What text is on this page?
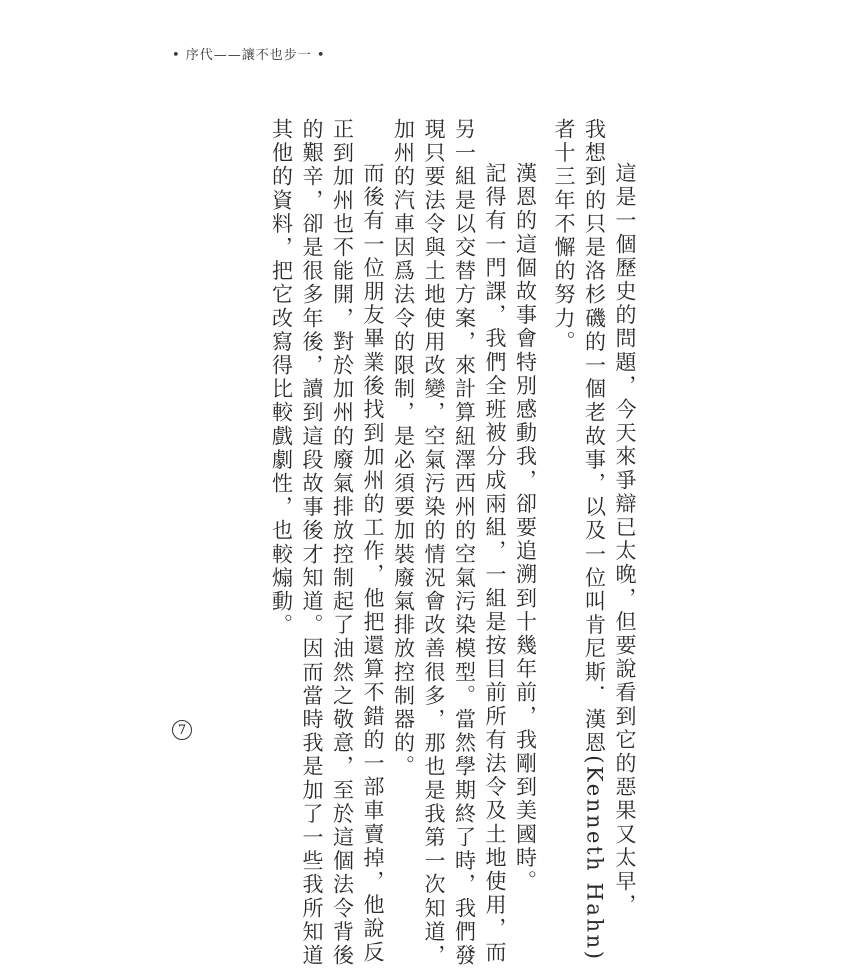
• 序代——讓不也步一 •
這是一個歷史的問題，今天來爭辯已太晚，但要說看到它的惡果又太早，
我想到的只是洛杉磯的一個老故事，以及一位叫肯尼斯．漢恩(Kenneth Hahn)
者十三年不懈的努力。
漢恩的這個故事會特別感動我，卻要追溯到十幾年前，我剛到美國時。
記得有一門課，我們全班被分成兩組，一組是按目前所有法令及土地使用，而
另一組是以交替方案，來計算紐澤西州的空氣污染模型。當然學期終了時，我們發
現只要法令與土地使用改變，空氣污染的情況會改善很多，那也是我第一次知道，
加州的汽車因爲法令的限制，是必須要加裝廢氣排放控制器的。
而後有一位朋友畢業後找到加州的工作，他把還算不錯的一部車賣掉，他說反
正到加州也不能開，對於加州的廢氣排放控制起了油然之敬意，至於這個法令背後
的艱辛，卻是很多年後，讀到這段故事後才知道。因而當時我是加了一些我所知道
其他的資料，把它改寫得比較戲劇性，也較煽動。
7
